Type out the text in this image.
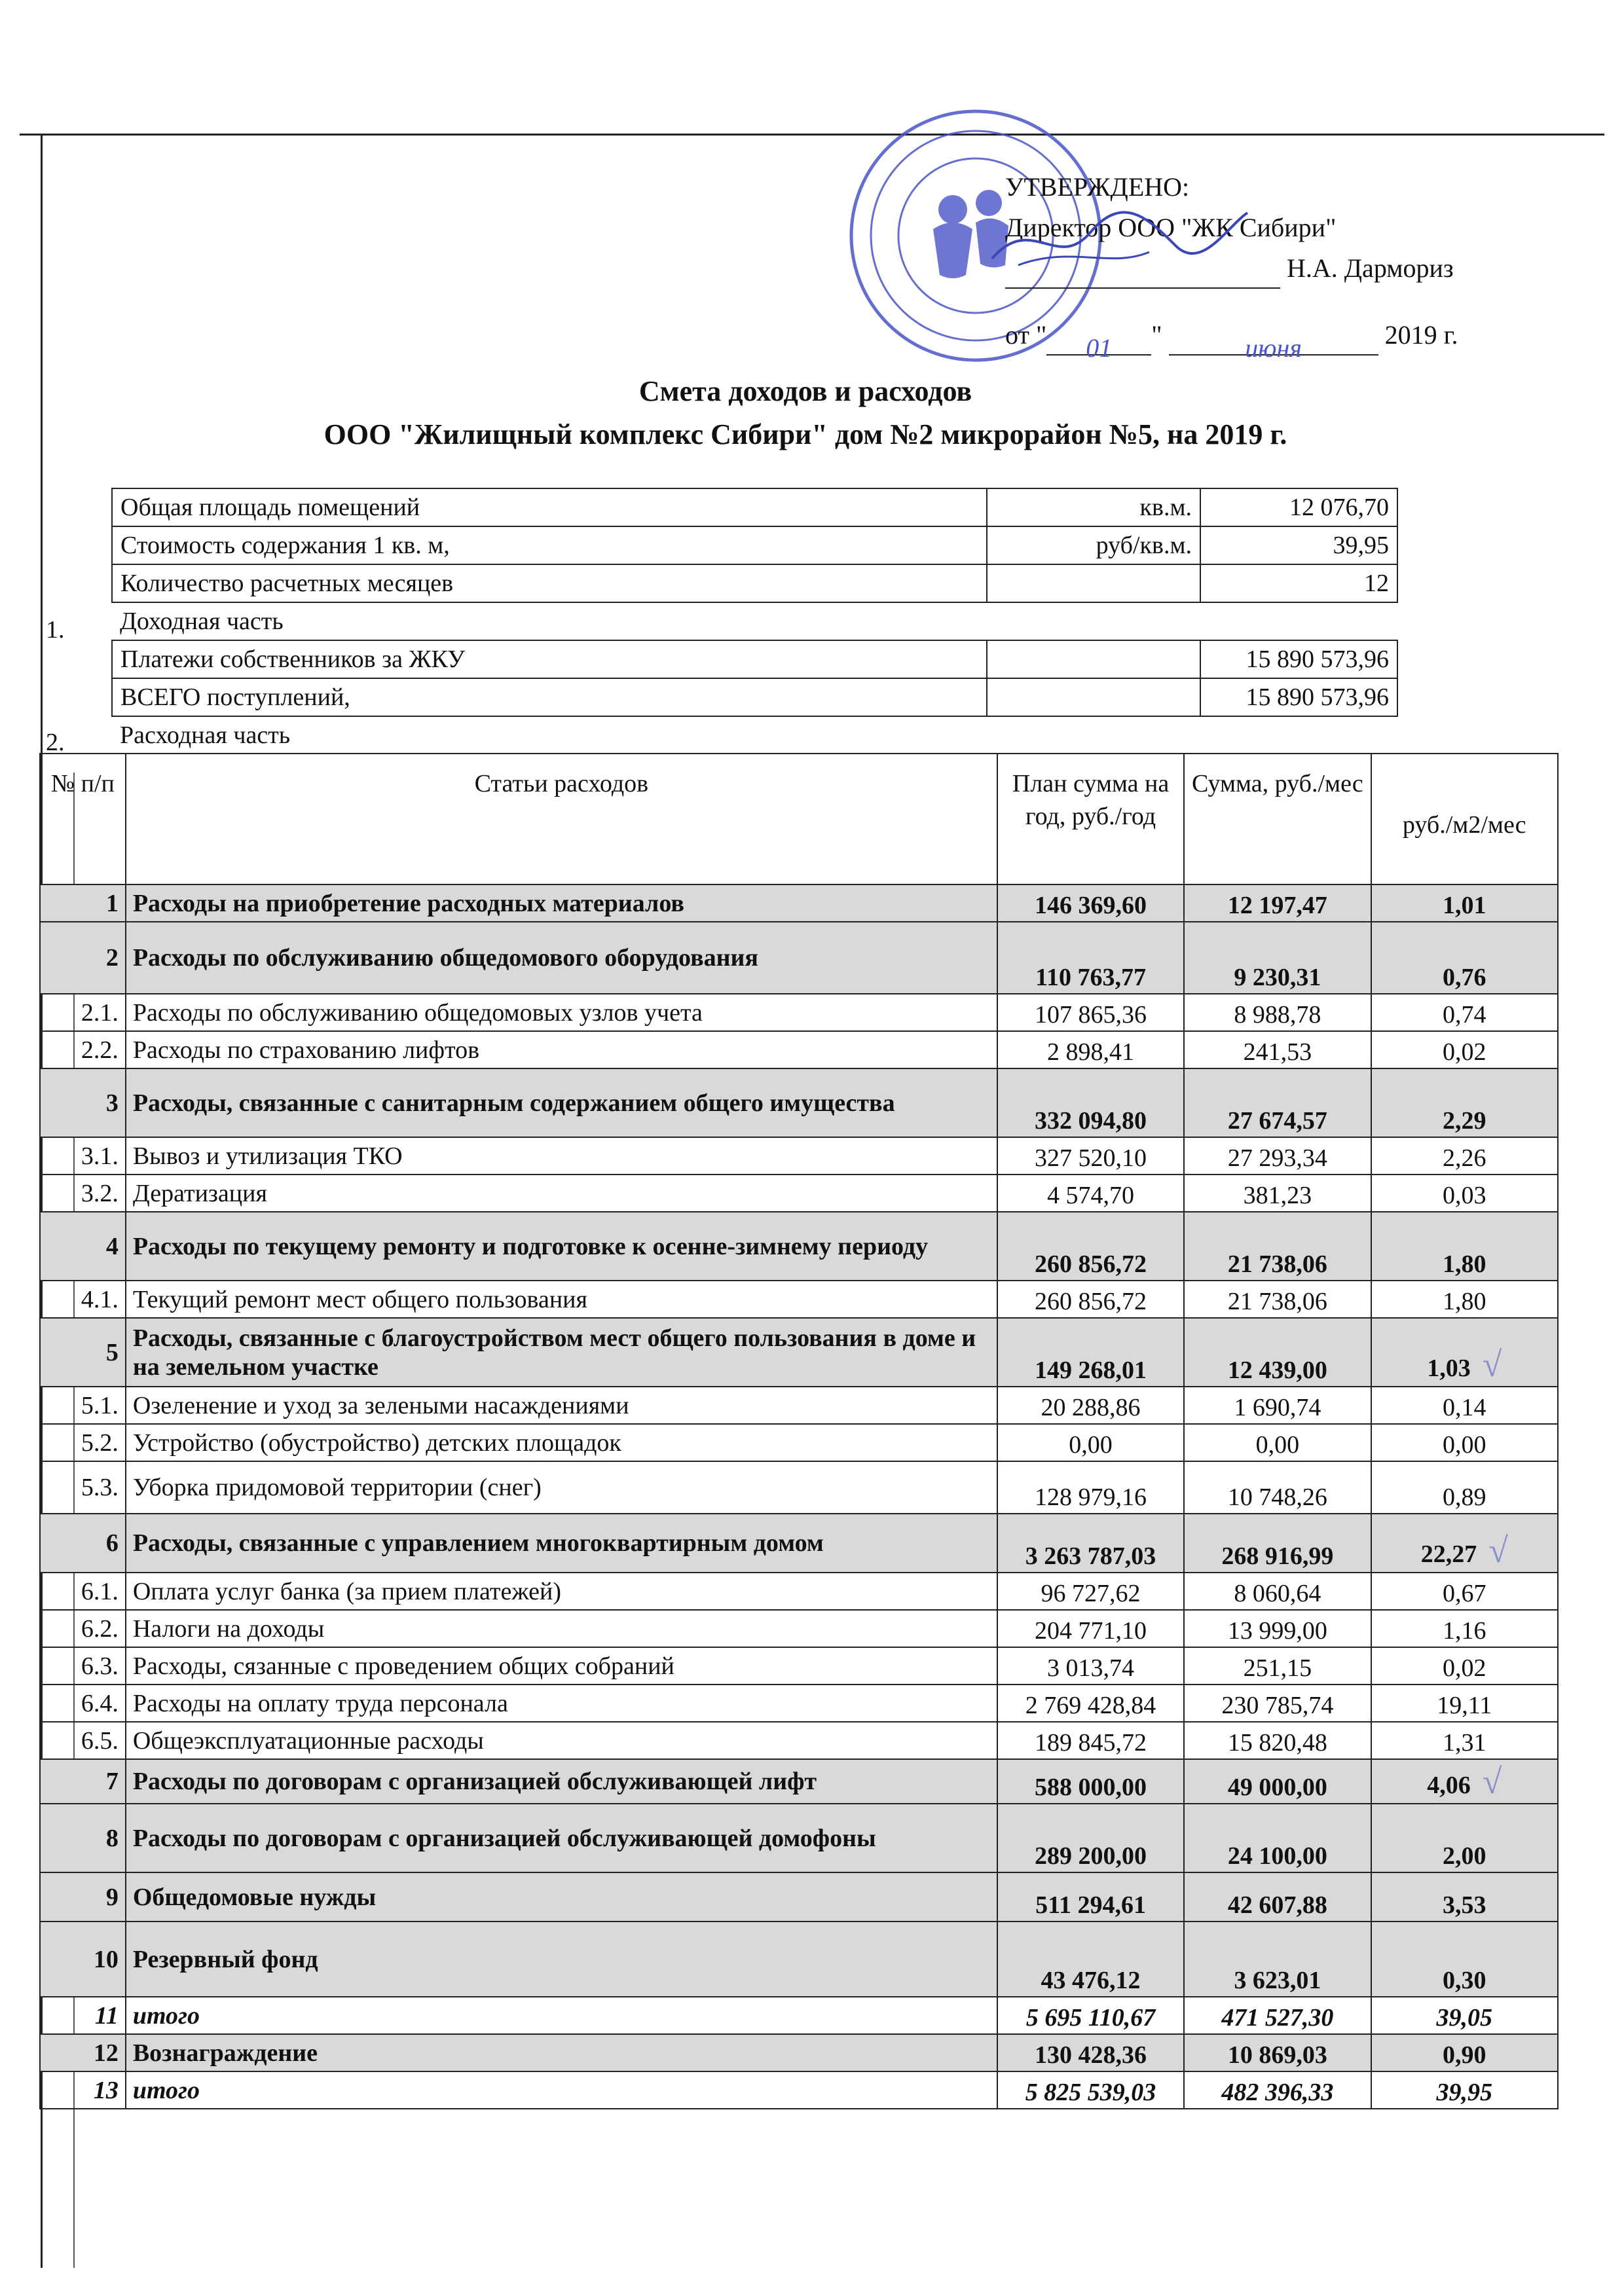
УТВЕРЖДЕНО:
Директор ООО "ЖК Сибири"
Н.А. Дармориз
от " 01 "	июня	2019 г.
Смета доходов и расходов
ООО "Жилищный комплекс Сибири" дом №2 микрорайон №5, на 2019 г.
Общая площадь помещений	кв.м.	12 076,70
Стоимость содержания 1 кв. м,	руб/кв.м.	39,95
Количество расчетных месяцев		12
Доходная часть		
Платежи собственников за ЖКУ		15 890 573,96
ВСЕГО поступлений,		15 890 573,96
Расходная часть		
1.
2.
№ п/п	Статьи расходов	План сумма на год, руб./год	Сумма, руб./мес	руб./м2/мес
1	Расходы на приобретение расходных материалов	146 369,60	12 197,47	1,01
2	Расходы по обслуживанию общедомового оборудования	110 763,77	9 230,31	0,76
2.1.	Расходы по обслуживанию общедомовых узлов учета	107 865,36	8 988,78	0,74
2.2.	Расходы по страхованию лифтов	2 898,41	241,53	0,02
3	Расходы, связанные с санитарным содержанием общего имущества	332 094,80	27 674,57	2,29
3.1.	Вывоз и утилизация ТКО	327 520,10	27 293,34	2,26
3.2.	Дератизация	4 574,70	381,23	0,03
4	Расходы по текущему ремонту и подготовке к осенне-зимнему периоду	260 856,72	21 738,06	1,80
4.1.	Текущий ремонт мест общего пользования	260 856,72	21 738,06	1,80
5	Расходы, связанные с благоустройством мест общего пользования в доме и на земельном участке	149 268,01	12 439,00	1,03 √
5.1.	Озеленение и уход за зелеными насаждениями	20 288,86	1 690,74	0,14
5.2.	Устройство (обустройство) детских площадок	0,00	0,00	0,00
5.3.	Уборка придомовой территории (снег)	128 979,16	10 748,26	0,89
6	Расходы, связанные с управлением многоквартирным домом	3 263 787,03	268 916,99	22,27 √
6.1.	Оплата услуг банка (за прием платежей)	96 727,62	8 060,64	0,67
6.2.	Налоги на доходы	204 771,10	13 999,00	1,16
6.3.	Расходы, сязанные с проведением общих собраний	3 013,74	251,15	0,02
6.4.	Расходы на оплату труда персонала	2 769 428,84	230 785,74	19,11
6.5.	Общеэксплуатационные расходы	189 845,72	15 820,48	1,31
7	Расходы по договорам с организацией обслуживающей лифт	588 000,00	49 000,00	4,06 √
8	Расходы по договорам с организацией обслуживающей домофоны	289 200,00	24 100,00	2,00
9	Общедомовые нужды	511 294,61	42 607,88	3,53
10	Резервный фонд	43 476,12	3 623,01	0,30
11	итого	5 695 110,67	471 527,30	39,05
12	Вознаграждение	130 428,36	10 869,03	0,90
13	итого	5 825 539,03	482 396,33	39,95
